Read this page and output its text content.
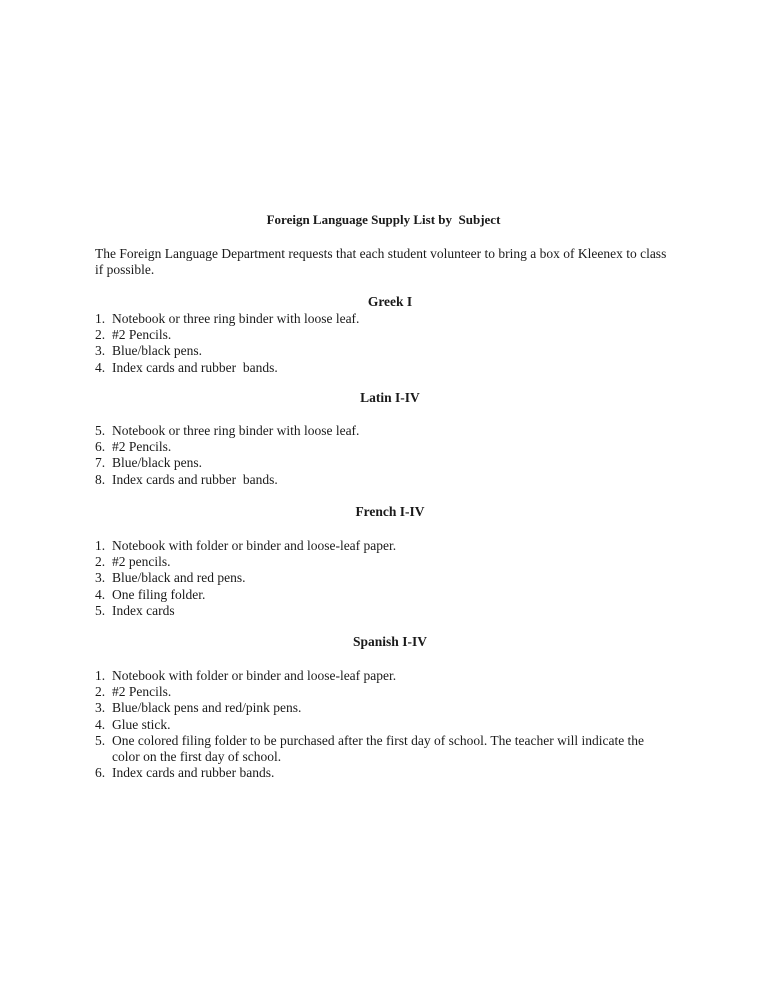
Foreign Language Supply List by  Subject
The Foreign Language Department requests that each student volunteer to bring a box of Kleenex to class if possible.
Greek I
1. Notebook or three ring binder with loose leaf.
2. #2 Pencils.
3. Blue/black pens.
4. Index cards and rubber  bands.
Latin I-IV
5. Notebook or three ring binder with loose leaf.
6. #2 Pencils.
7. Blue/black pens.
8. Index cards and rubber  bands.
French I-IV
1. Notebook with folder or binder and loose-leaf paper.
2. #2 pencils.
3. Blue/black and red pens.
4. One filing folder.
5. Index cards
Spanish I-IV
1. Notebook with folder or binder and loose-leaf paper.
2. #2 Pencils.
3. Blue/black pens and red/pink pens.
4. Glue stick.
5. One colored filing folder to be purchased after the first day of school. The teacher will indicate the color on the first day of school.
6. Index cards and rubber bands.
